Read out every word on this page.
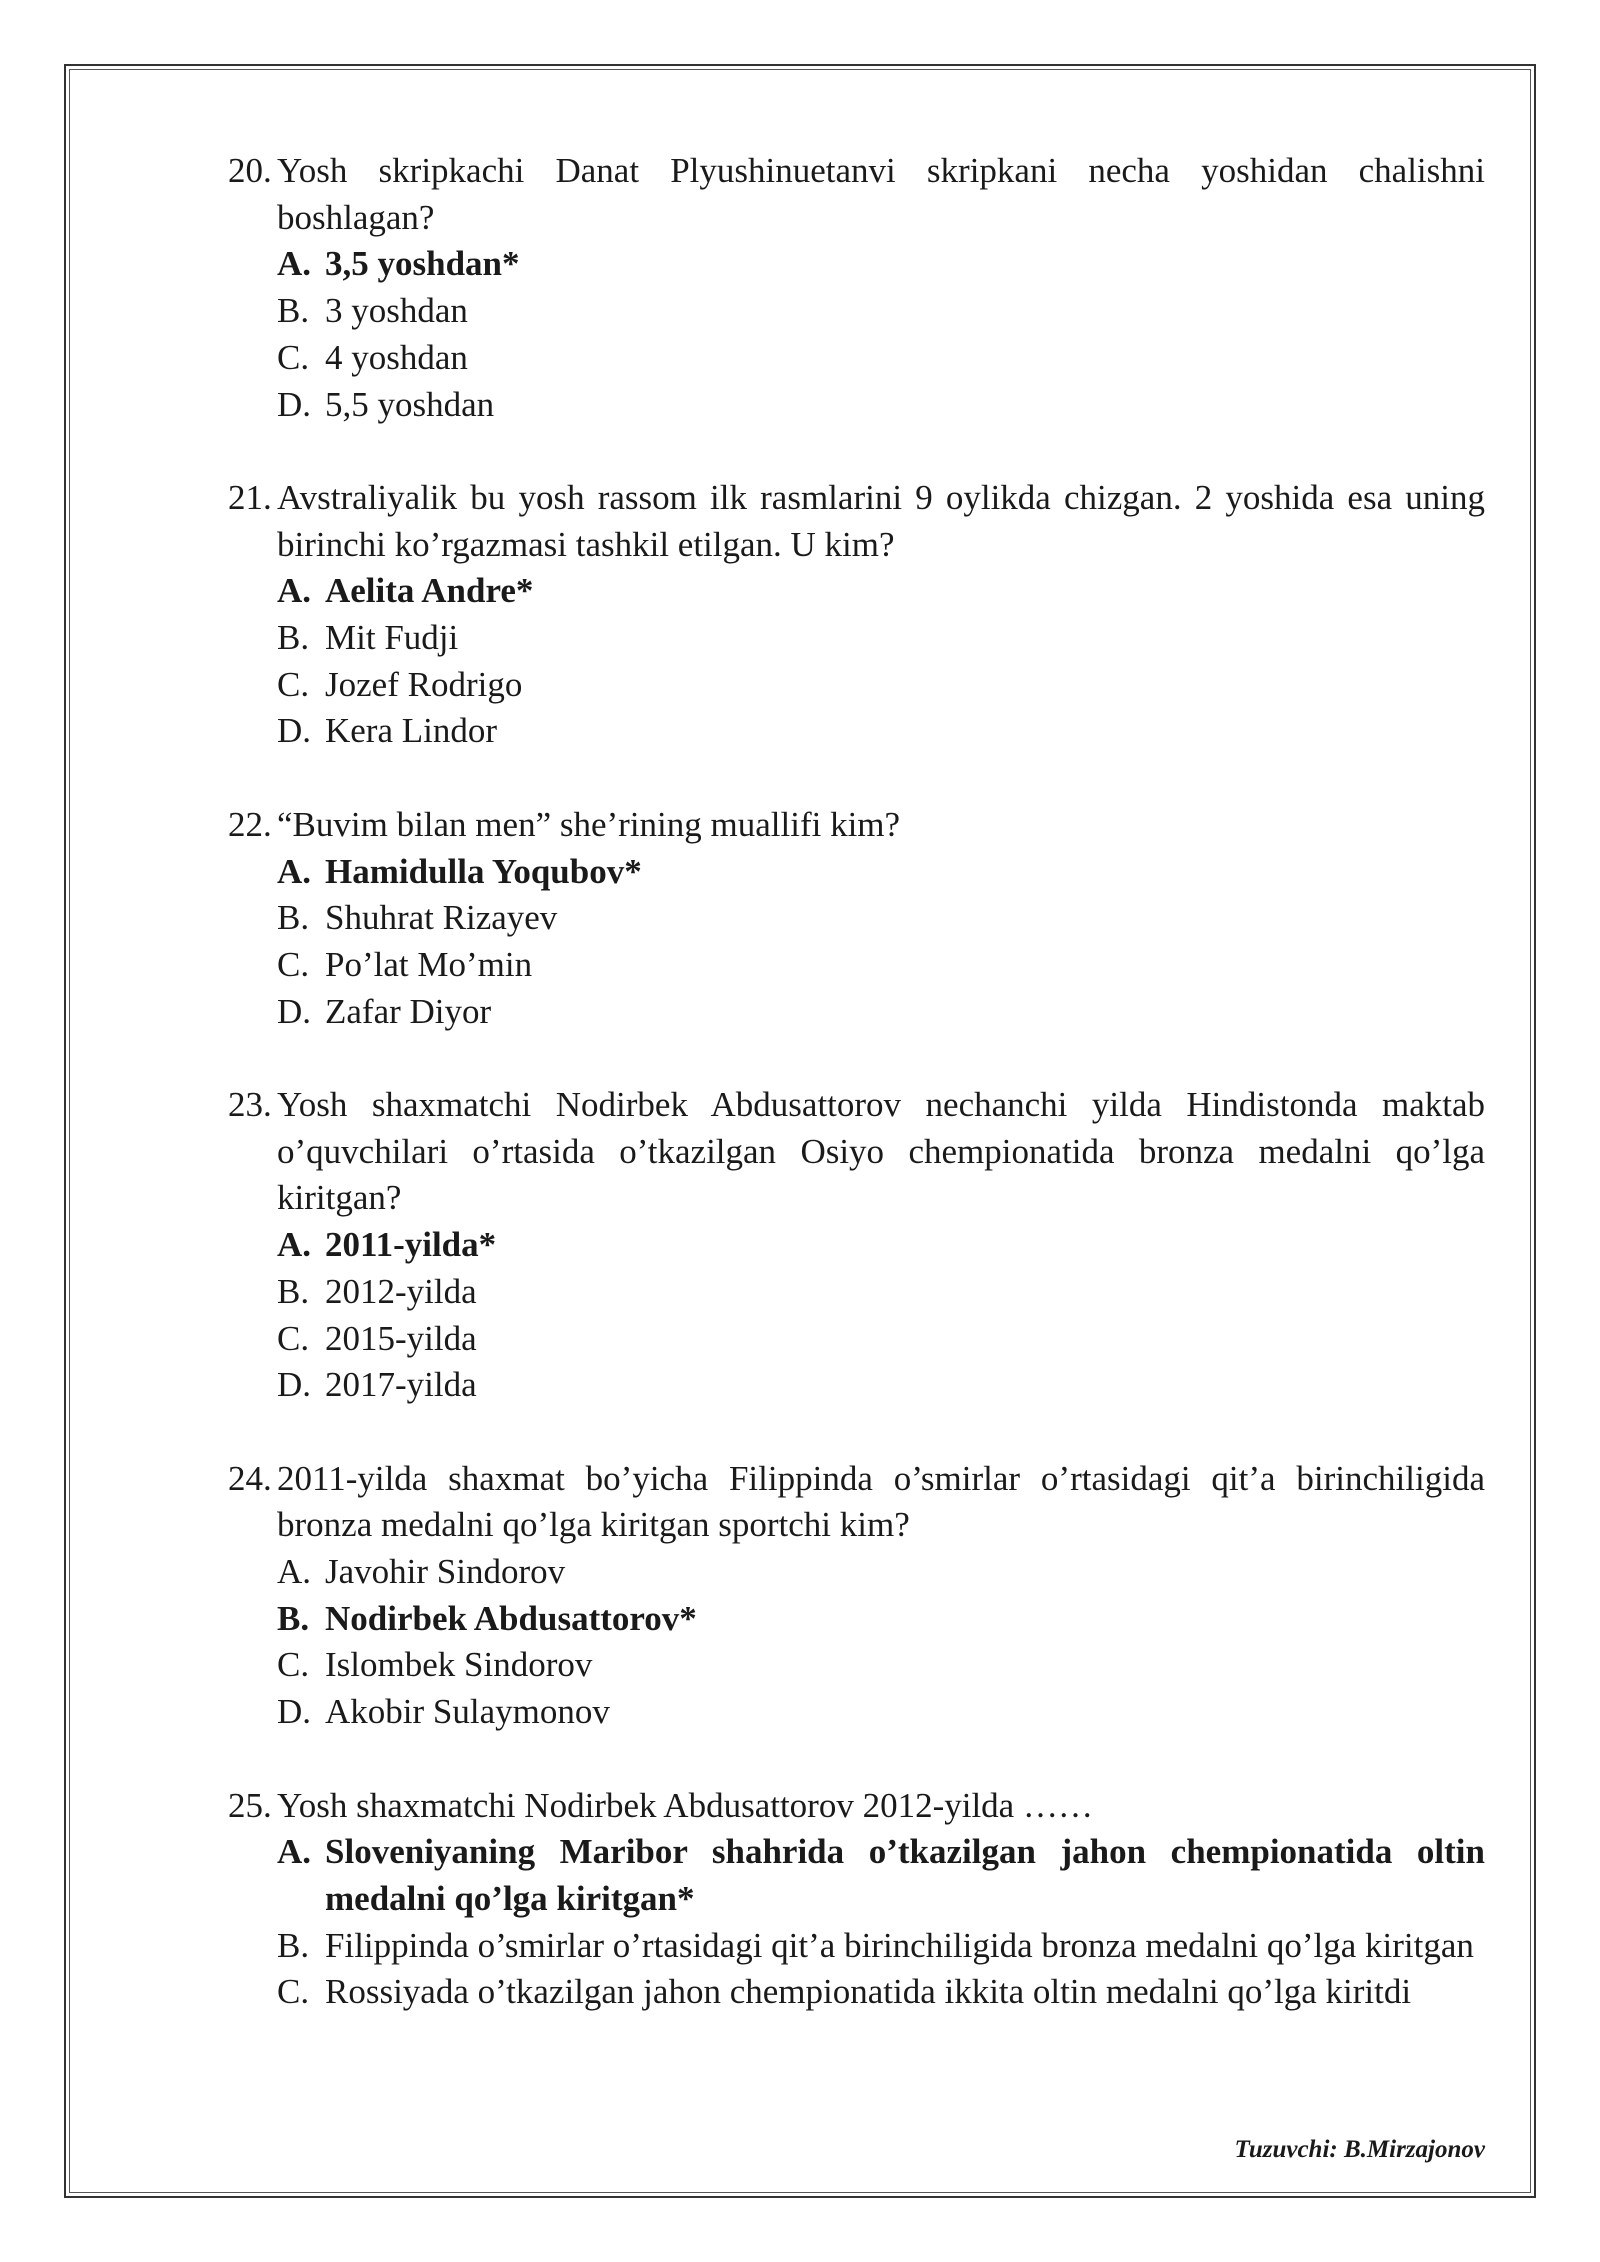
20. Yosh skripkachi Danat Plyushinuetanvi skripkani necha yoshidan chalishni boshlagan?
A. 3,5 yoshdan*
B. 3 yoshdan
C. 4 yoshdan
D. 5,5 yoshdan
21. Avstraliyalik bu yosh rassom ilk rasmlarini 9 oylikda chizgan. 2 yoshida esa uning birinchi ko’rgazmasi tashkil etilgan. U kim?
A. Aelita Andre*
B. Mit Fudji
C. Jozef Rodrigo
D. Kera Lindor
22. “Buvim bilan men” she’rining muallifi kim?
A. Hamidulla Yoqubov*
B. Shuhrat Rizayev
C. Po’lat Mo’min
D. Zafar Diyor
23. Yosh shaxmatchi Nodirbek Abdusattorov nechanchi yilda Hindistonda maktab o’quvchilari o’rtasida o’tkazilgan Osiyo chempionatida bronza medalni qo’lga kiritgan?
A. 2011-yilda*
B. 2012-yilda
C. 2015-yilda
D. 2017-yilda
24. 2011-yilda shaxmat bo’yicha Filippinda o’smirlar o’rtasidagi qit’a birinchiligida bronza medalni qo’lga kiritgan sportchi kim?
A. Javohir Sindorov
B. Nodirbek Abdusattorov*
C. Islombek Sindorov
D. Akobir Sulaymonov
25. Yosh shaxmatchi Nodirbek Abdusattorov 2012-yilda ……
A. Sloveniyaning Maribor shahrida o’tkazilgan jahon chempionatida oltin medalni qo’lga kiritgan*
B. Filippinda o’smirlar o’rtasidagi qit’a birinchiligida bronza medalni qo’lga kiritgan
C. Rossiyada o’tkazilgan jahon chempionatida ikkita oltin medalni qo’lga kiritdi
Tuzuvchi: B.Mirzajonov
